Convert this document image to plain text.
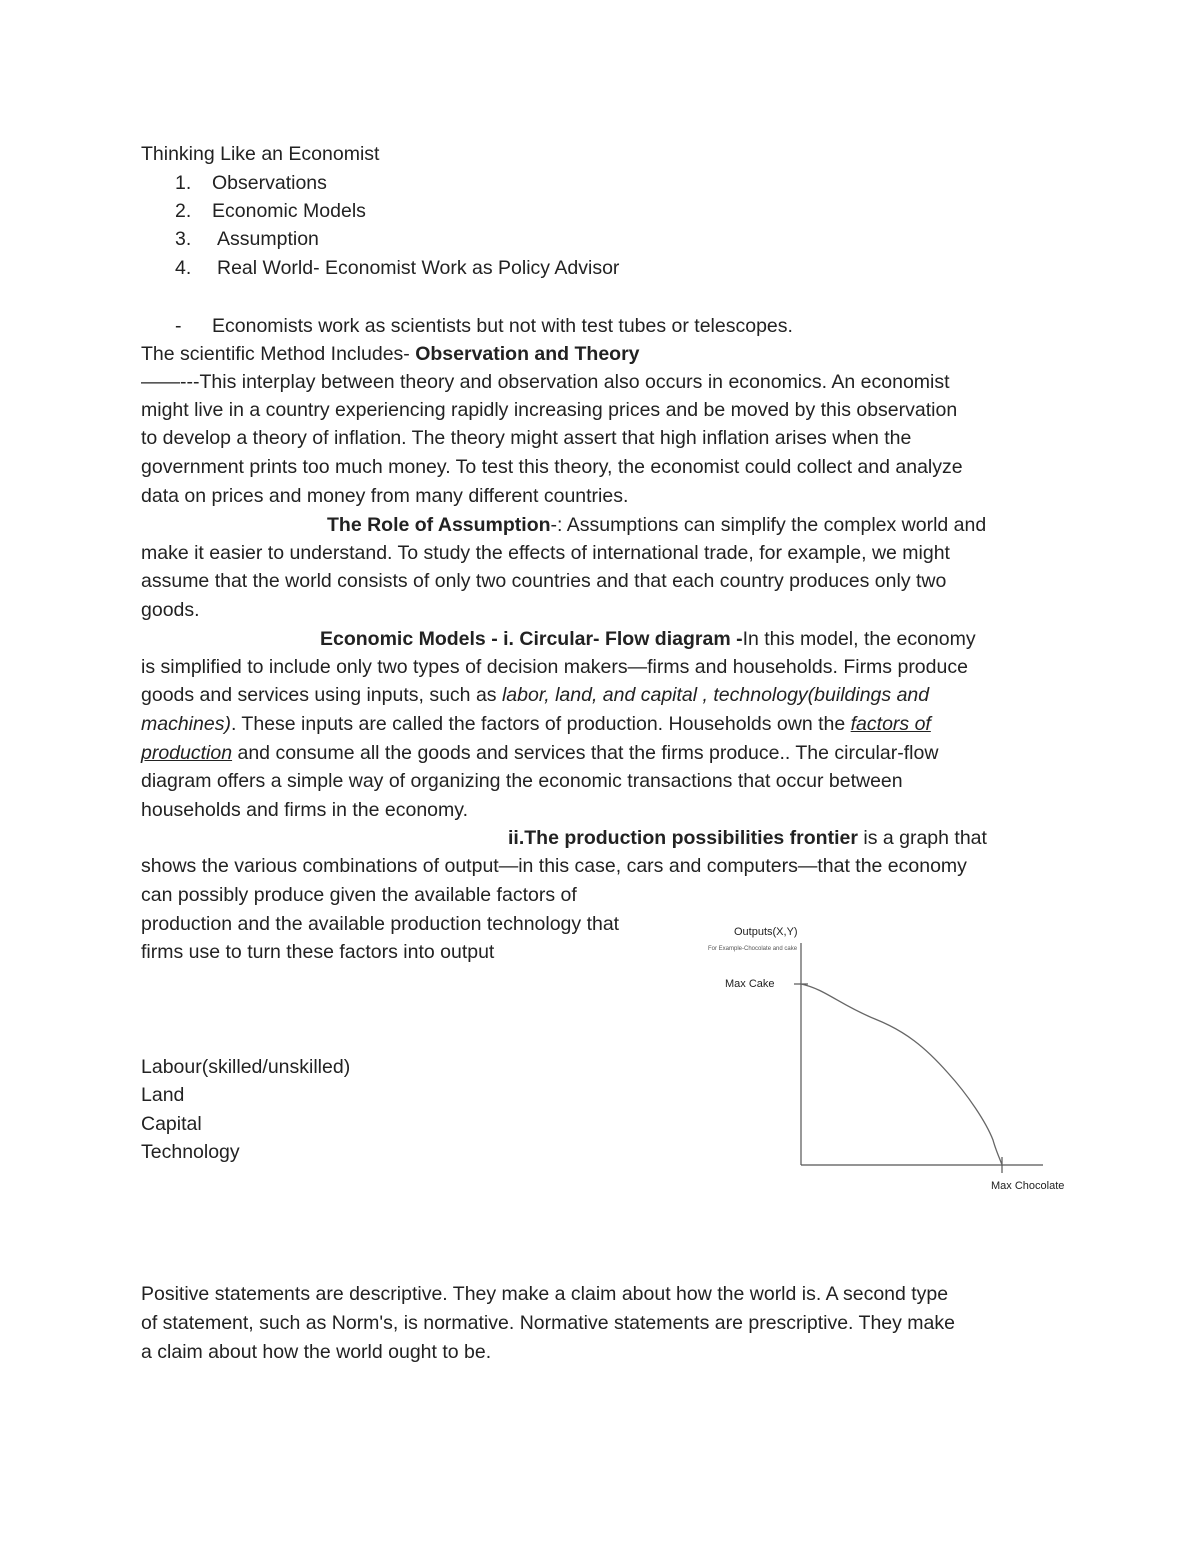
Thinking Like an Economist
1. Observations
2. Economic Models
3. Assumption
4. Real World- Economist Work as Policy Advisor
- Economists work as scientists but not with test tubes or telescopes.
The scientific Method Includes- Observation and Theory
——---This interplay between theory and observation also occurs in economics. An economist
might live in a country experiencing rapidly increasing prices and be moved by this observation
to develop a theory of inflation. The theory might assert that high inflation arises when the
government prints too much money. To test this theory, the economist could collect and analyze
data on prices and money from many different countries.
The Role of Assumption-: Assumptions can simplify the complex world and
make it easier to understand. To study the effects of international trade, for example, we might
assume that the world consists of only two countries and that each country produces only two
goods.
Economic Models - i. Circular- Flow diagram -In this model, the economy
is simplified to include only two types of decision makers—firms and households. Firms produce
goods and services using inputs, such as labor, land, and capital , technology(buildings and
machines). These inputs are called the factors of production. Households own the factors of
production and consume all the goods and services that the firms produce.. The circular-flow
diagram offers a simple way of organizing the economic transactions that occur between
households and firms in the economy.
ii.The production possibilities frontier is a graph that
shows the various combinations of output—in this case, cars and computers—that the economy
can possibly produce given the available factors of
production and the available production technology that
firms use to turn these factors into output
Labour(skilled/unskilled)
Land
Capital
Technology
Outputs(X,Y)
For Example-Chocolate and cake
Max Cake
Max Chocolate
Positive statements are descriptive. They make a claim about how the world is. A second type
of statement, such as Norm's, is normative. Normative statements are prescriptive. They make
a claim about how the world ought to be.
